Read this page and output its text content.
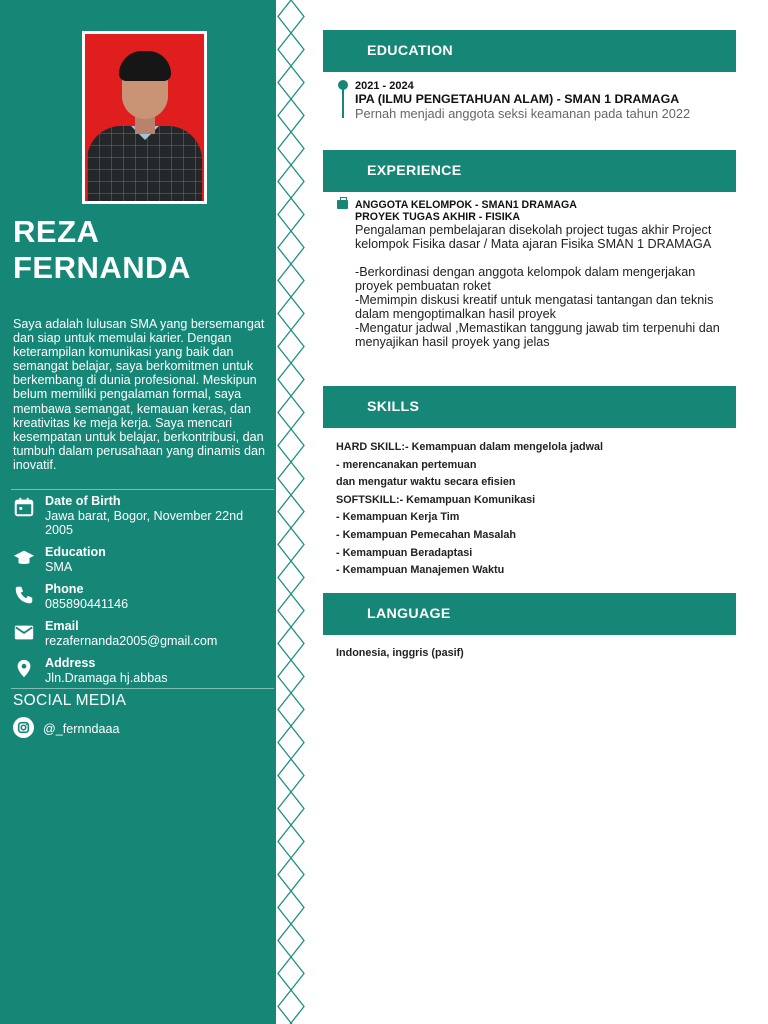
REZA
FERNANDA
Saya adalah lulusan SMA yang bersemangat dan siap untuk memulai karier. Dengan keterampilan komunikasi yang baik dan semangat belajar, saya berkomitmen untuk berkembang di dunia profesional. Meskipun belum memiliki pengalaman formal, saya membawa semangat, kemauan keras, dan kreativitas ke meja kerja. Saya mencari kesempatan untuk belajar, berkontribusi, dan tumbuh dalam perusahaan yang dinamis dan inovatif.
Date of Birth
Jawa barat, Bogor, November 22nd 2005
Education
SMA
Phone
085890441146
Email
rezafernanda2005@gmail.com
Address
Jln.Dramaga hj.abbas
SOCIAL MEDIA
@_fernndaaa
EDUCATION
2021 - 2024
IPA (ILMU PENGETAHUAN ALAM) - SMAN 1 DRAMAGA
Pernah menjadi anggota seksi keamanan pada tahun 2022
EXPERIENCE
ANGGOTA KELOMPOK - SMAN1 DRAMAGA
PROYEK TUGAS AKHIR - FISIKA
Pengalaman pembelajaran disekolah project tugas akhir Project kelompok Fisika dasar / Mata ajaran Fisika SMAN 1 DRAMAGA

-Berkordinasi dengan anggota kelompok dalam mengerjakan proyek pembuatan roket
-Memimpin diskusi kreatif untuk mengatasi tantangan dan teknis dalam mengoptimalkan hasil proyek
-Mengatur jadwal ,Memastikan tanggung jawab tim terpenuhi dan menyajikan hasil proyek yang jelas
SKILLS
HARD SKILL:- Kemampuan dalam mengelola jadwal
- merencanakan pertemuan
dan mengatur waktu secara efisien
SOFTSKILL:- Kemampuan Komunikasi
- Kemampuan Kerja Tim
- Kemampuan Pemecahan Masalah
- Kemampuan Beradaptasi
- Kemampuan Manajemen Waktu
LANGUAGE
Indonesia, inggris (pasif)
